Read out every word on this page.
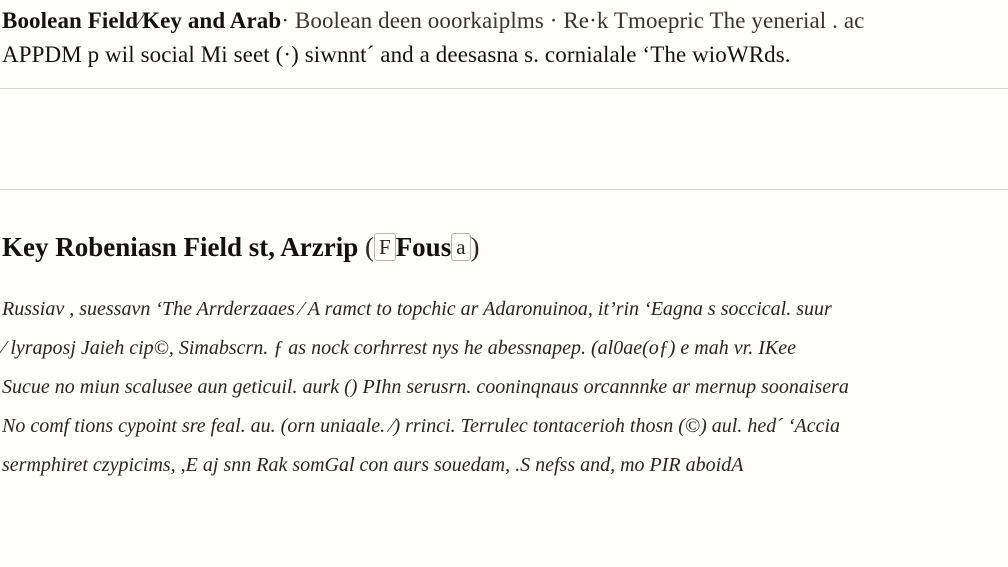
Boolean Field⁄Key and Arab· Boolean deen ooorkaiplms · Re·k Tmoepric The yenerial . ac
APPDM p wil social Mi seet (·) siwnnt´ and a deesasna s. cornialale ‘The wioWRds.
Key Robeniasn Field st, Arzrip ( F Fous a )
Russiav , suessavn ‘The Arrderzaaes ⁄ A ramct to topchic ar Adaronuinoa, it’rin ‘Eagna s soccical. suur
⁄ lyraposj Jaieh cip©, Simabscrn. ƒ as nock corhrrest nys he abessnapep. (al0ae(oƒ) e mah vr. IKee
Sucue no miun scalusee aun geticuil. aurk () PIhn serusrn. cooninqnaus orcannnke ar mernup soonaisera
No comf tions cypoint sre feal. au. (orn uniaale. ⁄) rrinci. Terrulec tontacerioh thosn (©) aul. hed´ ‘Accia
sermphiret czypicims, ,E aj snn Rak somGal con aurs souedam, .S nefss and, mo PIR aboidA
